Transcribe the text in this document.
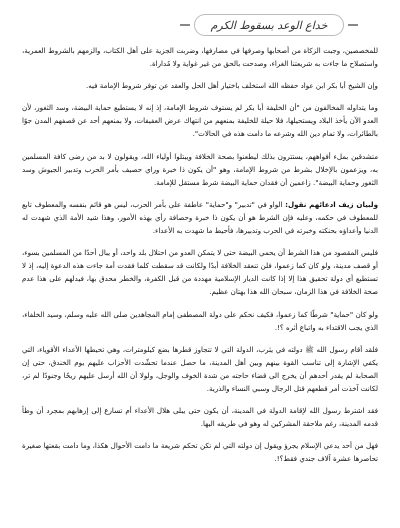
خداع الوعد بسقوط الكرم

للمخصصين، وجبت الزكاة من أصحابها وصرفها في مصارفها، وضربت الجزية على أهل الكتاب، والزمهم بالشروط العمرية، واستصلاح ما جاءت به شريعتنا الغراء، وصدحت بالحق من غير غواية ولا مُداراة.

وإن الشيخ أبا بكر ابن عواد حفظه الله استخلف باختيار أهل الحل والعقد عن توفر شروط الإمامة فيه.

وما يتداوله المخالفون من "أن الخليفة أبا بكر لم يستوف شروط الإمامة، إذ إنه لا يستطيع حماية البيضة، وسد الثغور، لأن العدو الآن يأخذ البلاد ويستحيلها، فلا حيلة للخليفة بمنعهم من انتهاك عرض العفيفات، ولا بمنعهم أحد عن قصفهم المدن جوًا بالطائرات، ولا تمام دين الله وشرعه ما دامت هذه في الحالات".

متشدقين بملء أفواههم، يستترون بذلك ليطعنوا بصحة الخلافة ويبتلوا أولياء الله، ويقولون لا بد من رضى كافة المسلمين به، ويزعمون بالإخلال بشرط من شروط الإمامة، وهو "أن يكون ذا خبرة وراي حصيف بأمر الحرب وتدبير الجيوش وسد الثغور وحماية البيضة". زاعمين أن فقدان حماية البيضة شرط مستقل للإمامة.

ولبيان زيف ادعائهم نقول: الواو في "تدبير" و"حماية" عاطفة على بأمر الحرب، ليس هو قائم بنفسه والمعطوف تابع للمعطوف في حكمه، وعليه فإن الشرط هو أن يكون ذا خبرة وحصافة رأي بهذه الأمور، وهذا شيد الأمة الذي شهدت له الدنيا وأعداؤه بحنكته وخبرته في الحرب وتدبيرها، فأحيط ما شهدت به الأعداء.

فليس المقصود من هذا الشرط أن يحمي البيضة حتى لا يتمكن العدو من احتلال بلد واحد، أو يبال أحدًا من المسلمين بسوء، أو قصف مدينة، ولو كان كما زعموا، فلن تنعقد الخلافة أبدًا ولكانت قد سقطت كلما فقدت أمة جاءت هذه الدعوة إليه، إذ لا تستطيع أي دولة تحقيق هذا إلا إذا كانت الديار الإسلامية مهددة من قبل الكفرة، والخطر محدق بها، فيدلهم على هذا عدم صحة الخلافة في هذا الزمان، سبحان الله هذا بهتان عظيم.

ولو كان "حماية" شرطًا كما زعموا، فكيف نحكم على دولة المصطفى إمام المجاهدين صلى الله عليه وسلم، وسيد الخلفاء، الذي يجب الاقتداء به واتباع أثره ؟!.

فلقد أقام رسول الله ﷺ دولته في يثرب، الدولة التي لا تتجاوز قطرها بضع كيلومترات، وهي تحيطها الأعداء الأقوياء، التي يكفي الإشارة إلى تناسب القوة بينهم وبين أهل المدينة، ما حصل عندما تحشّدت الأحزاب عليهم يوم الخندق، حتى إن الصحابة لم يقدر أحدهم أن يخرج الى قضاء حاجته من شدة الخوف والوجل، ولولا أن الله أرسل عليهم ريحًا وجنودًا لم تر، لكانت آخذت أمر قطعهم قتل الرجال وسبي النساء والذرية.

فقد اشترط رسول الله لإقامة الدولة في المدينة، أن يكون حتى يبلى هلال الأعداء أم تسارع إلى إرهابهم بمجرد أن وطأ قدمه المدينة، رغم ملاحقة المشركين له وهو في طريقه اليها.

فهل من أحد يدعي الإسلام يجرؤ ويقول إن دولته التي لم تكن تحكم شريعة ما دامت الأحوال هكذا، وما دامت بقعتها صغيرة تحاصرها عشرة آلاف جندي فقط؟!.
